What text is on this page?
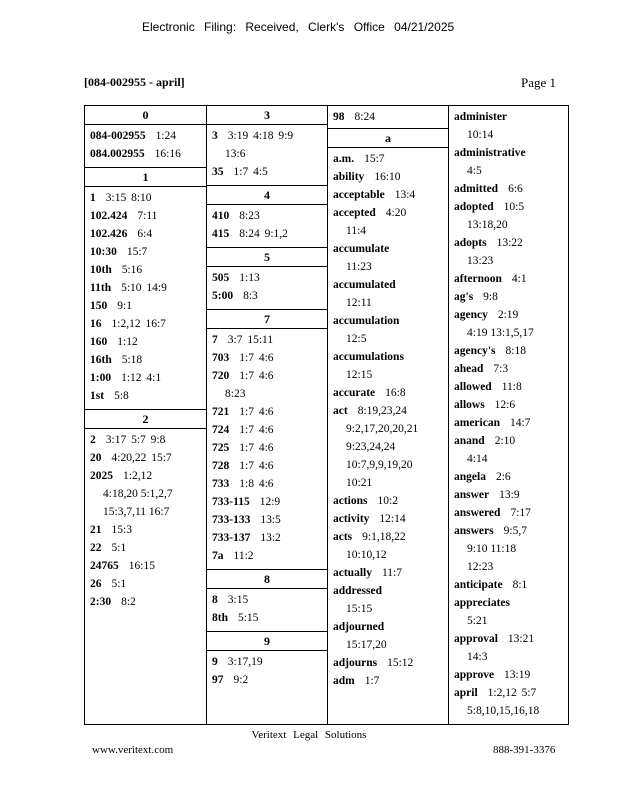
Electronic Filing: Received, Clerk's Office 04/21/2025
[084-002955 - april]	Page 1
0
084-002955 1:24
084.002955 16:16
1
1 3:15 8:10
102.424 7:11
102.426 6:4
10:30 15:7
10th 5:16
11th 5:10 14:9
150 9:1
16 1:2,12 16:7
160 1:12
16th 5:18
1:00 1:12 4:1
1st 5:8
2
2 3:17 5:7 9:8
20 4:20,22 15:7
2025 1:2,12
4:18,20 5:1,2,7
15:3,7,11 16:7
21 15:3
22 5:1
24765 16:15
26 5:1
2:30 8:2
3
3 3:19 4:18 9:9
13:6
35 1:7 4:5
4
410 8:23
415 8:24 9:1,2
5
505 1:13
5:00 8:3
7
7 3:7 15:11
703 1:7 4:6
720 1:7 4:6
8:23
721 1:7 4:6
724 1:7 4:6
725 1:7 4:6
728 1:7 4:6
733 1:8 4:6
733-115 12:9
733-133 13:5
733-137 13:2
7a 11:2
8
8 3:15
8th 5:15
9
9 3:17,19
97 9:2
98 8:24
a
a.m. 15:7
ability 16:10
acceptable 13:4
accepted 4:20
11:4
accumulate
11:23
accumulated
12:11
accumulation
12:5
accumulations
12:15
accurate 16:8
act 8:19,23,24
9:2,17,20,20,21
9:23,24,24
10:7,9,9,19,20
10:21
actions 10:2
activity 12:14
acts 9:1,18,22
10:10,12
actually 11:7
addressed
15:15
adjourned
15:17,20
adjourns 15:12
adm 1:7
administer
10:14
administrative
4:5
admitted 6:6
adopted 10:5
13:18,20
adopts 13:22
13:23
afternoon 4:1
ag's 9:8
agency 2:19
4:19 13:1,5,17
agency's 8:18
ahead 7:3
allowed 11:8
allows 12:6
american 14:7
anand 2:10
4:14
angela 2:6
answer 13:9
answered 7:17
answers 9:5,7
9:10 11:18
12:23
anticipate 8:1
appreciates
5:21
approval 13:21
14:3
approve 13:19
april 1:2,12 5:7
5:8,10,15,16,18
Veritext Legal Solutions
www.veritext.com	888-391-3376
